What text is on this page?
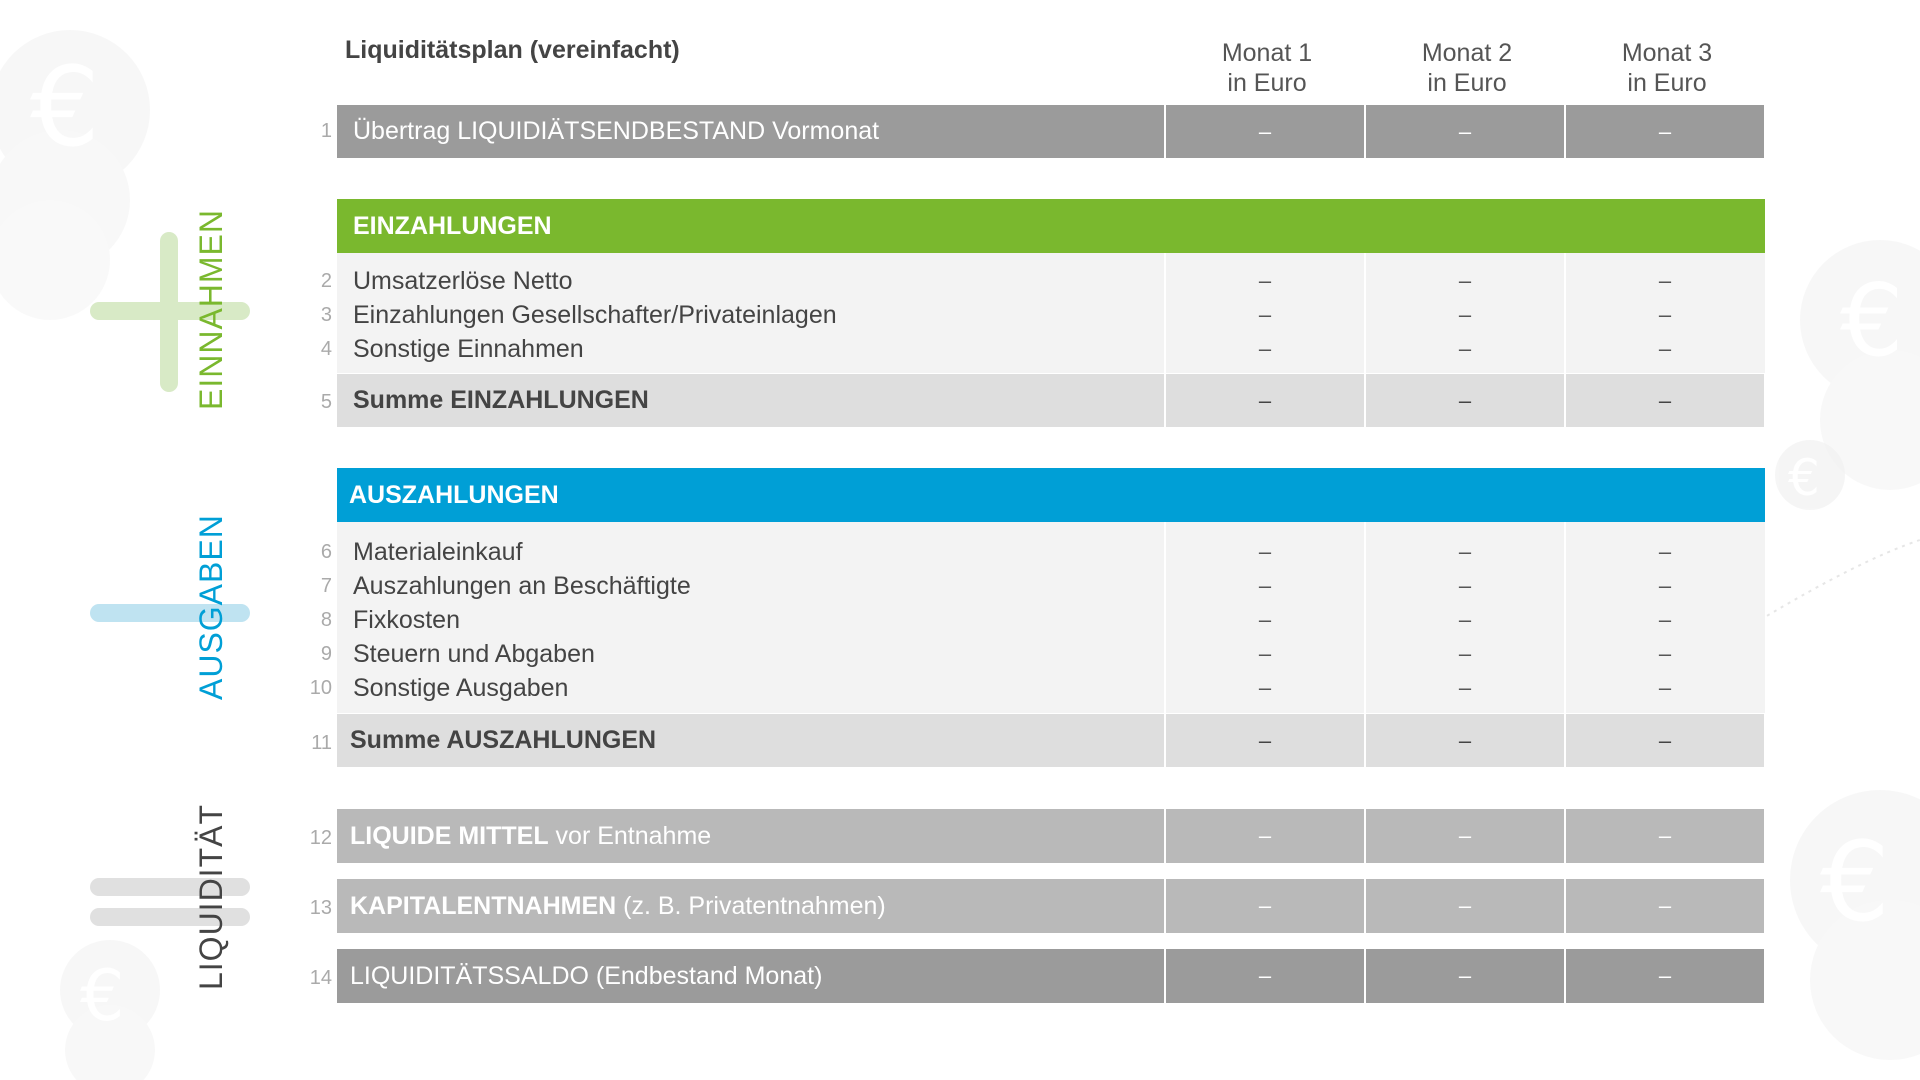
€
€
€
€
€
Liquiditätsplan (vereinfacht)	Monat 1
in Euro
Monat 2
in Euro
Monat 3
in Euro
EINNAHMEN
AUSGABEN
LIQUIDITÄT
1 Übertrag LIQUIDIÄTSENDBESTAND Vormonat	–	–	–
EINZAHLUNGEN
2 Umsatzerlöse Netto	–	–	–
3 Einzahlungen Gesellschafter/Privateinlagen	–	–	–
4 Sonstige Einnahmen	–	–	–
5 Summe EINZAHLUNGEN	–	–	–
AUSZAHLUNGEN
6 Materialeinkauf	–	–	–
7 Auszahlungen an Beschäftigte	–	–	–
8 Fixkosten	–	–	–
9 Steuern und Abgaben	–	–	–
10 Sonstige Ausgaben	–	–	–
11 Summe AUSZAHLUNGEN	–	–	–
12 LIQUIDE MITTEL vor Entnahme	–	–	–
13 KAPITALENTNAHMEN (z. B. Privatentnahmen)	–	–	–
14 LIQUIDITÄTSSALDO (Endbestand Monat)	–	–	–
